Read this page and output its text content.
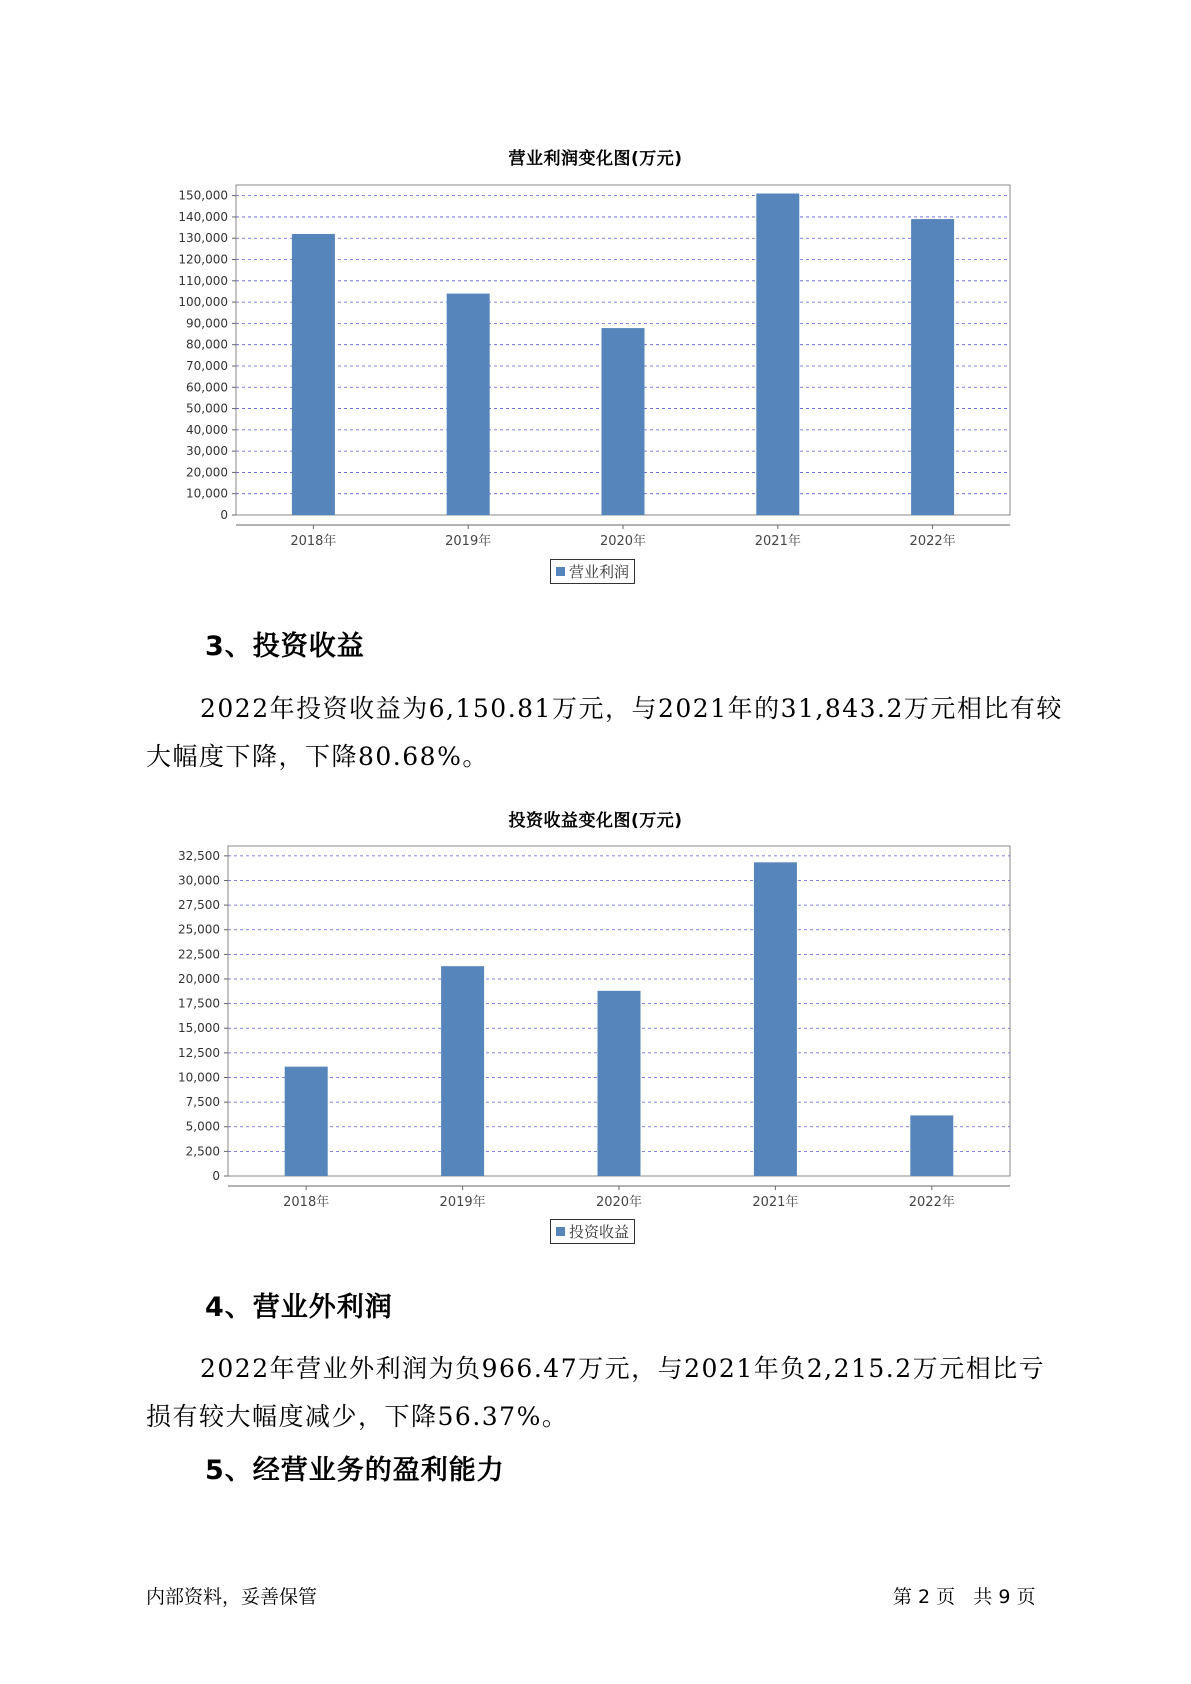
营业利润变化图(万元)
0
10,000
20,000
30,000
40,000
50,000
60,000
70,000
80,000
90,000
100,000
110,000
120,000
130,000
140,000
150,000
2018年	2019年	2020年	2021年	2022年
营业利润
3、投资收益

2022年投资收益为6,150.81万元，与2021年的31,843.2万元相比有较大幅度下降，下降80.68%。

投资收益变化图(万元)
0
2,500
5,000
7,500
10,000
12,500
15,000
17,500
20,000
22,500
25,000
27,500
30,000
32,500
2018年	2019年	2020年	2021年	2022年
投资收益
4、营业外利润

2022年营业外利润为负966.47万元，与2021年负2,215.2万元相比亏损有较大幅度减少，下降56.37%。

5、经营业务的盈利能力
内部资料，妥善保管	第 2 页   共 9 页
